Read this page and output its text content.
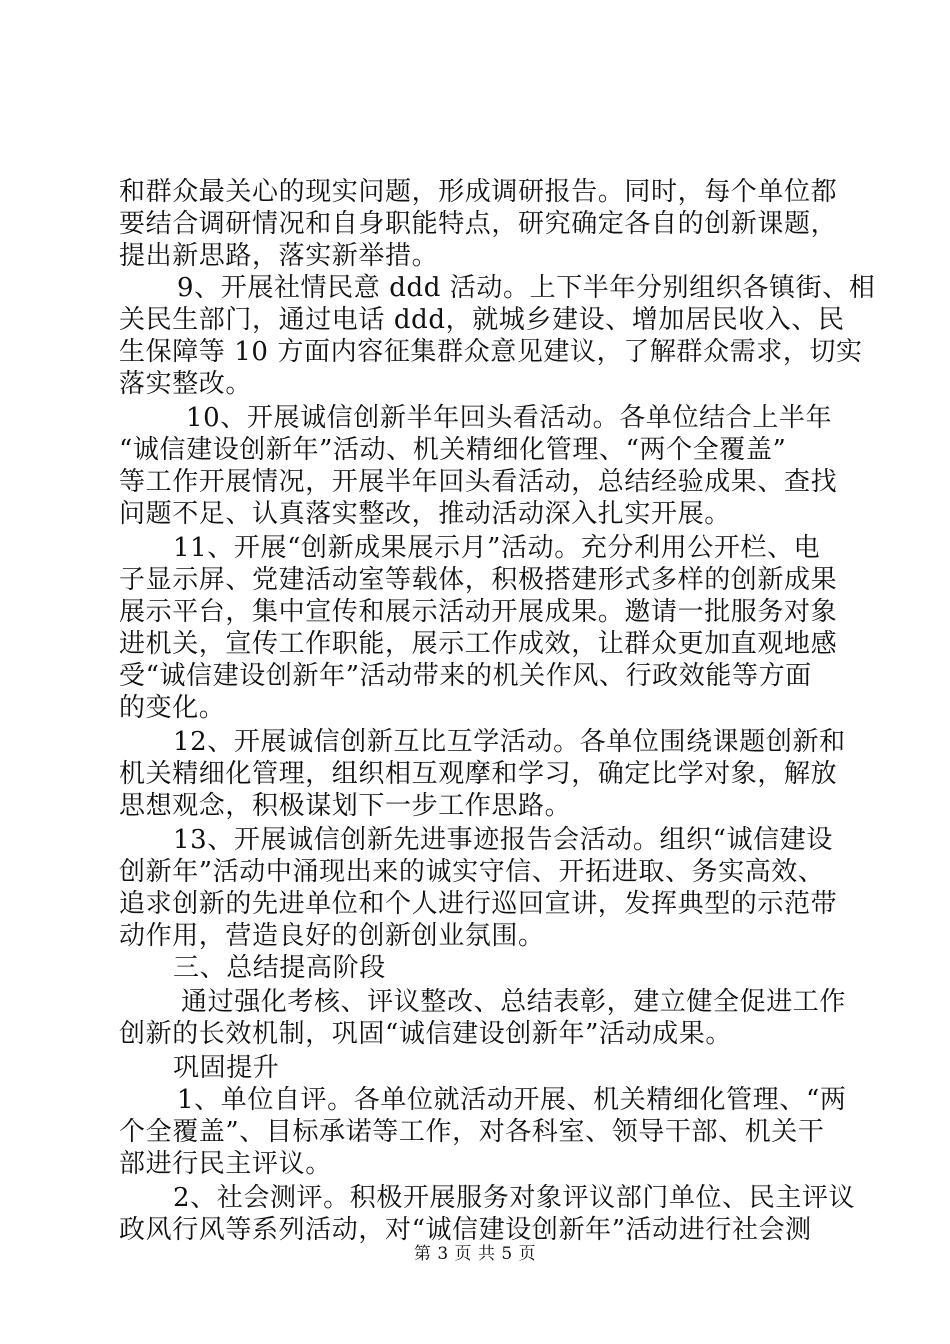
和群众最关心的现实问题，形成调研报告。同时，每个单位都
要结合调研情况和自身职能特点，研究确定各自的创新课题，
提出新思路，落实新举措。
9、开展社情民意 ddd 活动。上下半年分别组织各镇街、相
关民生部门，通过电话 ddd，就城乡建设、增加居民收入、民
生保障等 10 方面内容征集群众意见建议，了解群众需求，切实
落实整改。
10、开展诚信创新半年回头看活动。各单位结合上半年
“诚信建设创新年”活动、机关精细化管理、“两个全覆盖”
等工作开展情况，开展半年回头看活动，总结经验成果、查找
问题不足、认真落实整改，推动活动深入扎实开展。
11、开展“创新成果展示月”活动。充分利用公开栏、电
子显示屏、党建活动室等载体，积极搭建形式多样的创新成果
展示平台，集中宣传和展示活动开展成果。邀请一批服务对象
进机关，宣传工作职能，展示工作成效，让群众更加直观地感
受“诚信建设创新年”活动带来的机关作风、行政效能等方面
的变化。
12、开展诚信创新互比互学活动。各单位围绕课题创新和
机关精细化管理，组织相互观摩和学习，确定比学对象，解放
思想观念，积极谋划下一步工作思路。
13、开展诚信创新先进事迹报告会活动。组织“诚信建设
创新年”活动中涌现出来的诚实守信、开拓进取、务实高效、
追求创新的先进单位和个人进行巡回宣讲，发挥典型的示范带
动作用，营造良好的创新创业氛围。
三、总结提高阶段
通过强化考核、评议整改、总结表彰，建立健全促进工作
创新的长效机制，巩固“诚信建设创新年”活动成果。
巩固提升
1、单位自评。各单位就活动开展、机关精细化管理、“两
个全覆盖”、目标承诺等工作，对各科室、领导干部、机关干
部进行民主评议。
2、社会测评。积极开展服务对象评议部门单位、民主评议
政风行风等系列活动，对“诚信建设创新年”活动进行社会测
第 3 页 共 5 页
